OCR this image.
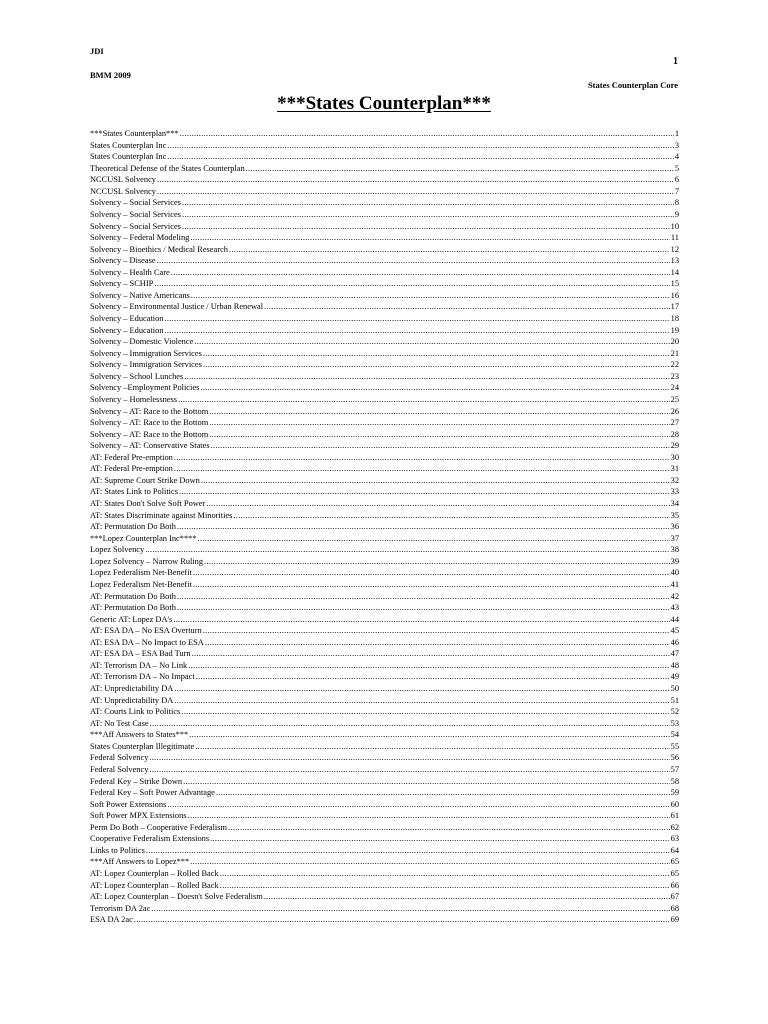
JDI
BMM 2009
1
States Counterplan Core
***States Counterplan***
***States Counterplan*** .....	1
States Counterplan Inc .....	3
States Counterplan Inc .....	4
Theoretical Defense of the States Counterplan .....	5
NCCUSL Solvency .....	6
NCCUSL Solvency .....	7
Solvency – Social Services .....	8
Solvency – Social Services .....	9
Solvency – Social Services .....	10
Solvency – Federal Modeling .....	11
Solvency – Bioethics / Medical Research .....	12
Solvency – Disease .....	13
Solvency – Health Care .....	14
Solvency – SCHIP .....	15
Solvency – Native Americans .....	16
Solvency – Environmental Justice / Urban Renewal .....	17
Solvency – Education .....	18
Solvency – Education .....	19
Solvency – Domestic Violence .....	20
Solvency – Immigration Services .....	21
Solvency – Immigration Services .....	22
Solvency – School Lunches .....	23
Solvency –Employment Policies .....	24
Solvency – Homelessness .....	25
Solvency – AT: Race to the Bottom .....	26
Solvency – AT: Race to the Bottom .....	27
Solvency – AT: Race to the Bottom .....	28
Solvency – AT: Conservative States .....	29
AT: Federal Pre-emption .....	30
AT: Federal Pre-emption .....	31
AT: Supreme Court Strike Down .....	32
AT: States Link to Politics .....	33
AT: States Don't Solve Soft Power .....	34
AT: States Discriminate against Minorities .....	35
AT: Permutation Do Both .....	36
***Lopez Counterplan Inc**** .....	37
Lopez Solvency .....	38
Lopez Solvency – Narrow Ruling .....	39
Lopez Federalism Net-Benefit .....	40
Lopez Federalism Net-Benefit .....	41
AT: Permutation Do Both .....	42
AT: Permutation Do Both .....	43
Generic AT: Lopez DA's .....	44
AT: ESA DA – No ESA Overturn .....	45
AT: ESA DA – No Impact to ESA .....	46
AT: ESA DA – ESA Bad Turn .....	47
AT: Terrorism DA – No Link .....	48
AT: Terrorism DA – No Impact .....	49
AT: Unpredictability DA .....	50
AT: Unpredictability DA .....	51
AT: Courts Link to Politics .....	52
AT: No Test Case .....	53
***Aff Answers to States*** .....	54
States Counterplan Illegitimate .....	55
Federal Solvency .....	56
Federal Solvency .....	57
Federal Key – Strike Down .....	58
Federal Key – Soft Power Advantage .....	59
Soft Power Extensions .....	60
Soft Power MPX Extensions .....	61
Perm Do Both – Cooperative Federalism .....	62
Cooperative Federalism Extensions .....	63
Links to Politics .....	64
***Aff Answers to Lopez*** .....	65
AT: Lopez Counterplan – Rolled Back .....	65
AT: Lopez Counterplan – Rolled Back .....	66
AT: Lopez Counterplan – Doesn't Solve Federalism .....	67
Terrorism DA 2ac .....	68
ESA DA 2ac .....	69
